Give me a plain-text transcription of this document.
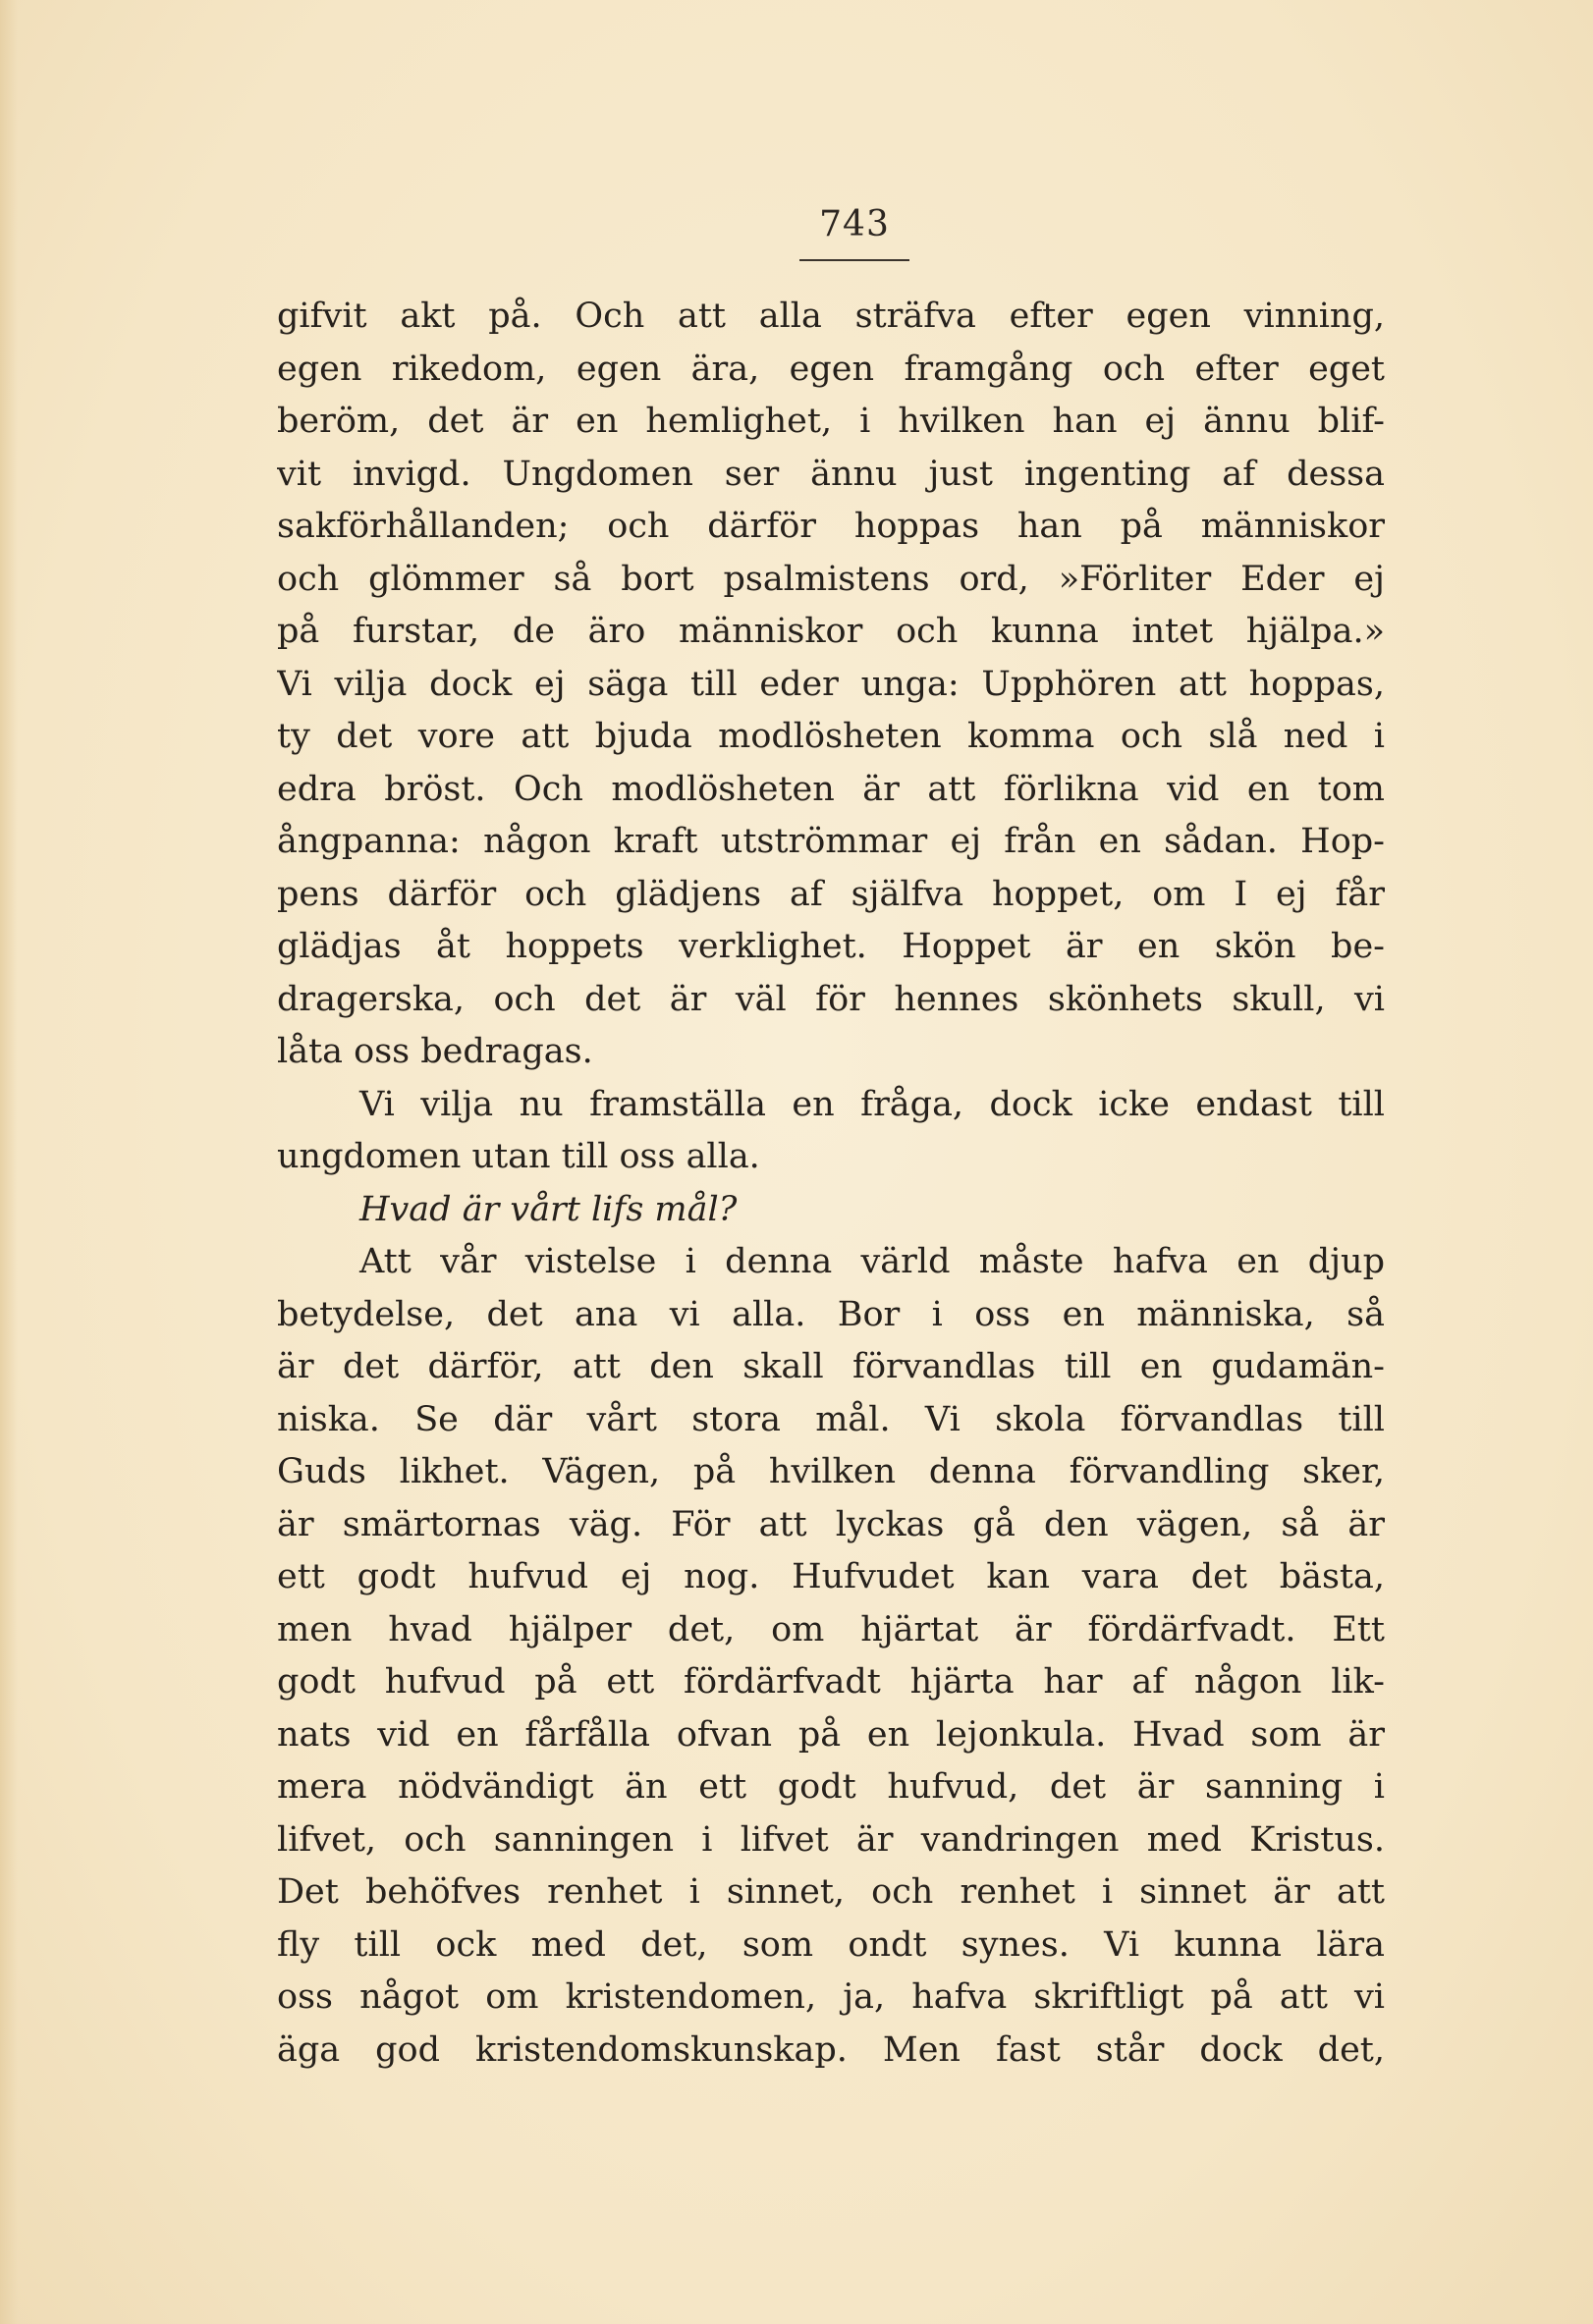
743
gifvit akt på. Och att alla sträfva efter egen vinning,
egen rikedom, egen ära, egen framgång och efter eget
beröm, det är en hemlighet, i hvilken han ej ännu blif-
vit invigd. Ungdomen ser ännu just ingenting af dessa
sakförhållanden; och därför hoppas han på människor
och glömmer så bort psalmistens ord, »Förliter Eder ej
på furstar, de äro människor och kunna intet hjälpa.»
Vi vilja dock ej säga till eder unga: Upphören att hoppas,
ty det vore att bjuda modlösheten komma och slå ned i
edra bröst. Och modlösheten är att förlikna vid en tom
ångpanna: någon kraft utströmmar ej från en sådan. Hop-
pens därför och glädjens af själfva hoppet, om I ej får
glädjas åt hoppets verklighet. Hoppet är en skön be-
dragerska, och det är väl för hennes skönhets skull, vi
låta oss bedragas.
Vi vilja nu framställa en fråga, dock icke endast till
ungdomen utan till oss alla.
Hvad är vårt lifs mål?
Att vår vistelse i denna värld måste hafva en djup
betydelse, det ana vi alla. Bor i oss en människa, så
är det därför, att den skall förvandlas till en gudamän-
niska. Se där vårt stora mål. Vi skola förvandlas till
Guds likhet. Vägen, på hvilken denna förvandling sker,
är smärtornas väg. För att lyckas gå den vägen, så är
ett godt hufvud ej nog. Hufvudet kan vara det bästa,
men hvad hjälper det, om hjärtat är fördärfvadt. Ett
godt hufvud på ett fördärfvadt hjärta har af någon lik-
nats vid en fårfålla ofvan på en lejonkula. Hvad som är
mera nödvändigt än ett godt hufvud, det är sanning i
lifvet, och sanningen i lifvet är vandringen med Kristus.
Det behöfves renhet i sinnet, och renhet i sinnet är att
fly till ock med det, som ondt synes. Vi kunna lära
oss något om kristendomen, ja, hafva skriftligt på att vi
äga god kristendomskunskap. Men fast står dock det,
